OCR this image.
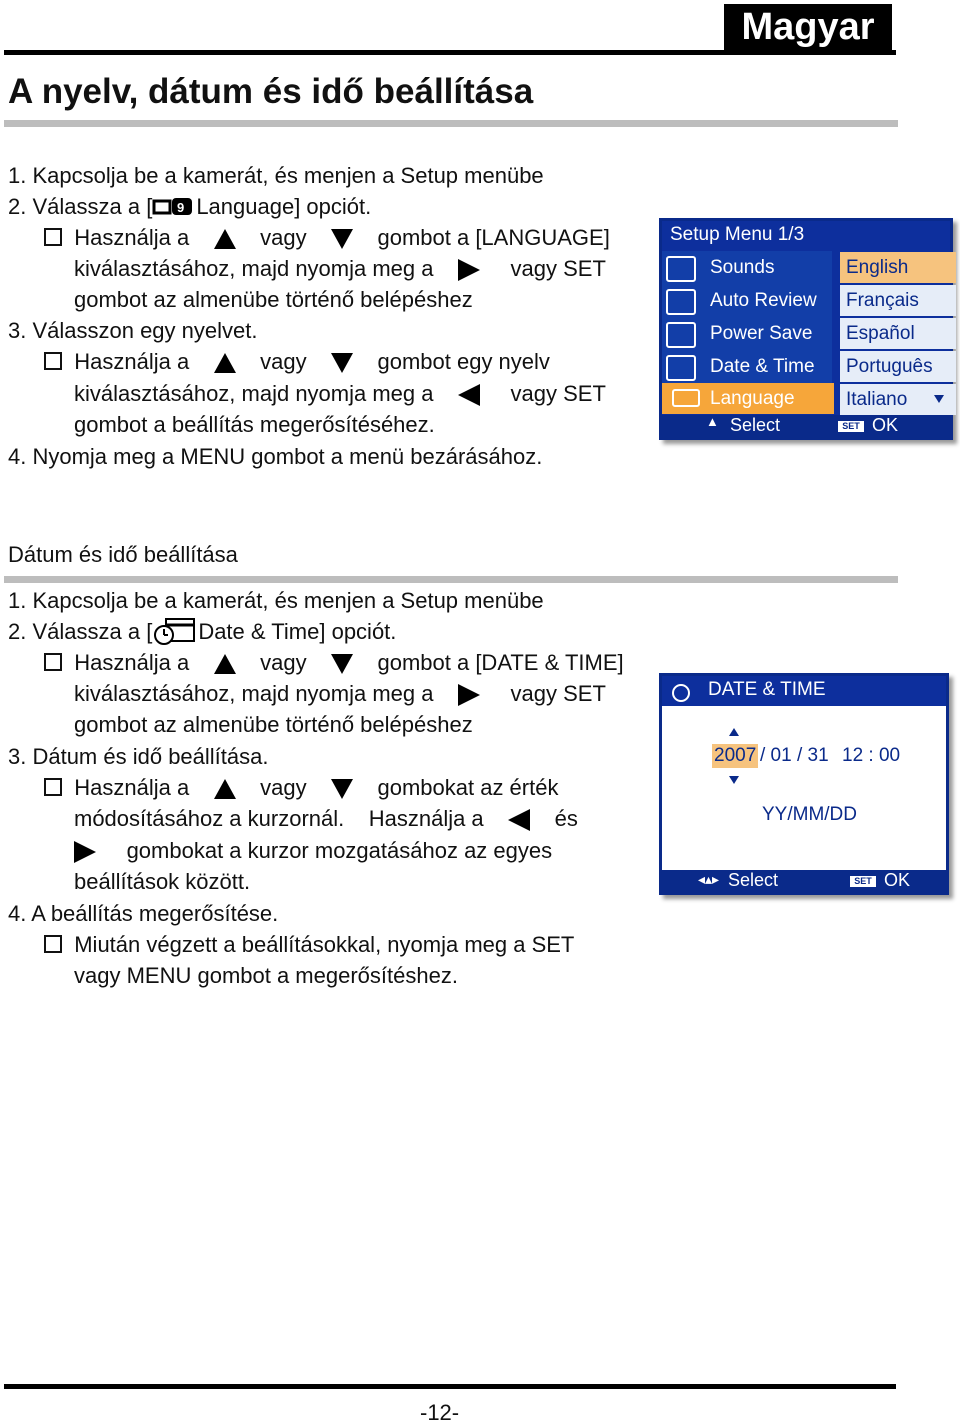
Magyar
A nyelv, dátum és idő beállítása
1. Kapcsolja be a kamerát, és menjen a Setup menübe
2. Válassza a [ 9 Language] opciót.
Használja a	vagy	gombot a [LANGUAGE]
kiválasztásához, majd nyomja meg a	vagy SET
gombot az almenübe történő belépéshez
3. Válasszon egy nyelvet.
Használja a	vagy	gombot egy nyelv
kiválasztásához, majd nyomja meg a	vagy SET
gombot a beállítás megerősítéséhez.
4. Nyomja meg a MENU gombot a menü bezárásához.
Setup Menu 1/3
Sounds
Auto Review
Power Save
Date & Time
Language
English
Français
Español
Português
Italiano
▲ Select	SET OK
Dátum és idő beállítása
1. Kapcsolja be a kamerát, és menjen a Setup menübe
2. Válassza a [ Date & Time] opciót.
Használja a	vagy	gombot a [DATE & TIME]
kiválasztásához, majd nyomja meg a	vagy SET
gombot az almenübe történő belépéshez
3. Dátum és idő beállítása.
Használja a	vagy	gombokat az érték
módosításához a kurzornál. Használja a	és
gombokat a kurzor mozgatásához az egyes
beállítások között.
4. A beállítás megerősítése.
Miután végzett a beállításokkal, nyomja meg a SET
vagy MENU gombot a megerősítéshez.
DATE & TIME
2007 / 01 / 31 12 : 00
YY/MM/DD
◂▴▸ Select	SET OK
-12-
